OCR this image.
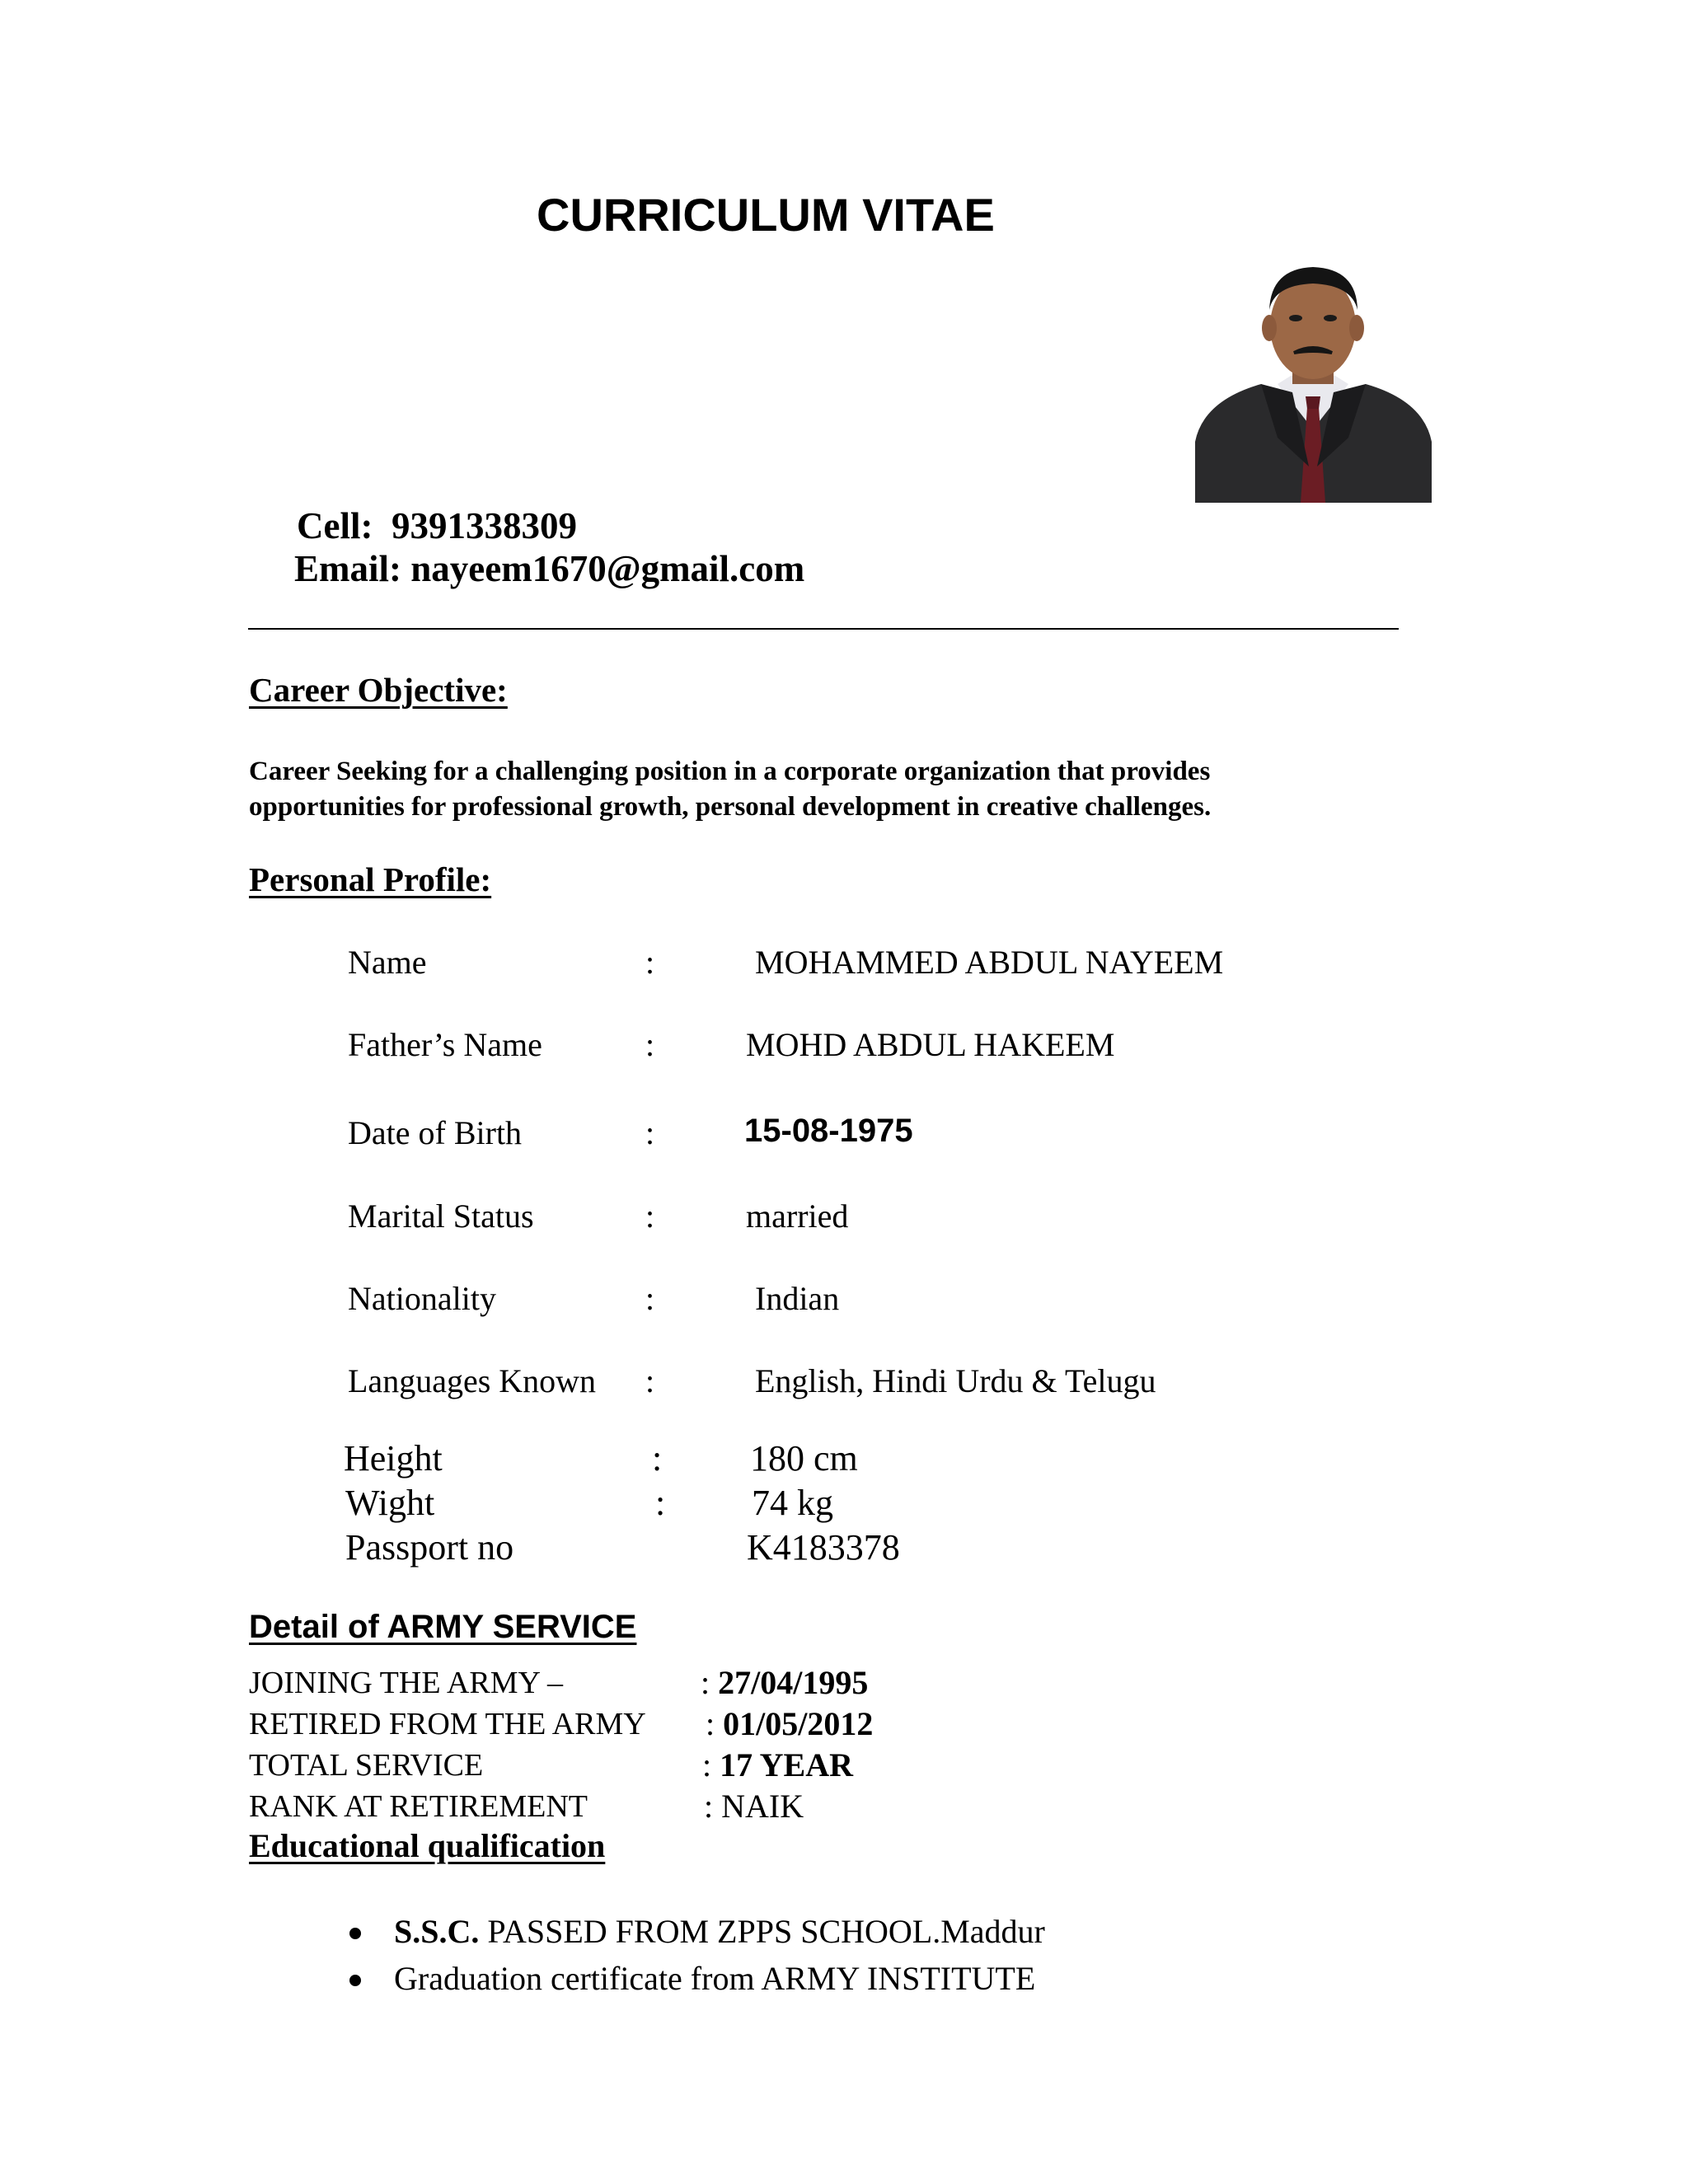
CURRICULUM VITAE
Cell: 9391338309
Email: nayeem1670@gmail.com
Career Objective:
Career Seeking for a challenging position in a corporate organization that provides
opportunities for professional growth, personal development in creative challenges.
Personal Profile:
Name	:	MOHAMMED ABDUL NAYEEM
Father’s Name	:	MOHD ABDUL HAKEEM
Date of Birth	:	15-08-1975
Marital Status	:	married
Nationality	:	Indian
Languages Known :	English, Hindi Urdu & Telugu
Height	: 180 cm
Wight	: 74 kg
Passport no	K4183378
Detail of ARMY SERVICE
JOINING THE ARMY –	: 27/04/1995
RETIRED FROM THE ARMY : 01/05/2012
TOTAL SERVICE	: 17 YEAR
RANK AT RETIREMENT	: NAIK
Educational qualification
S.S.C. PASSED FROM ZPPS SCHOOL.Maddur
Graduation certificate from ARMY INSTITUTE
